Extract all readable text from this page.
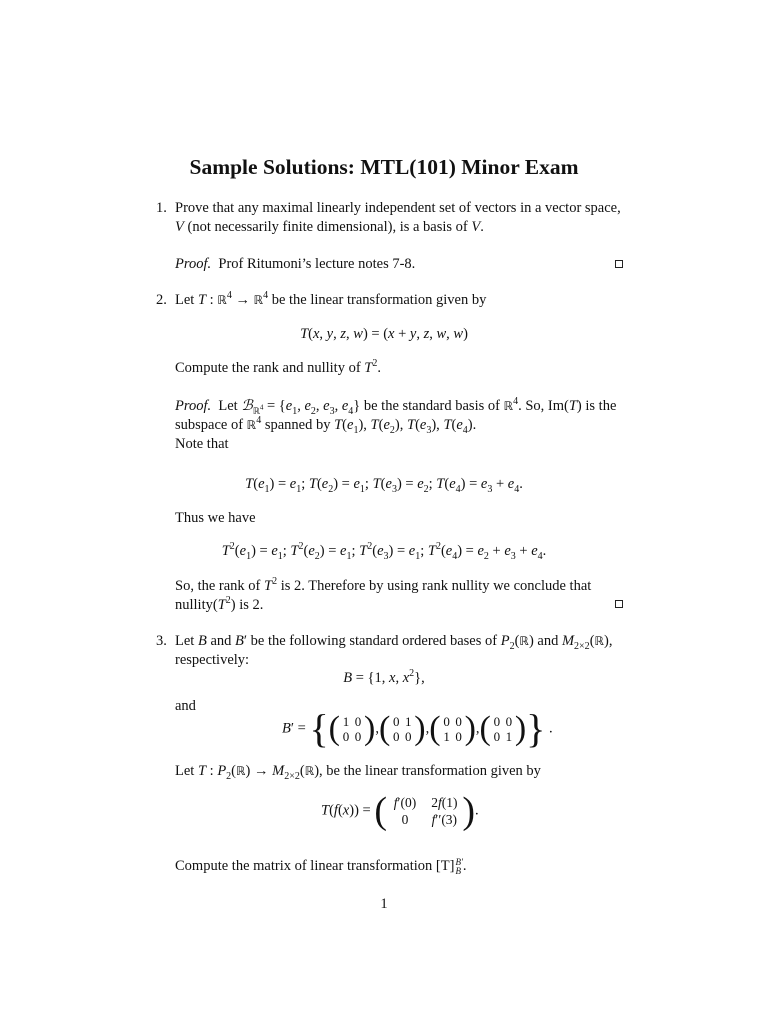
Sample Solutions: MTL(101) Minor Exam
1. Prove that any maximal linearly independent set of vectors in a vector space,
V (not necessarily finite dimensional), is a basis of V.
Proof. Prof Ritumoni’s lecture notes 7-8.
2. Let T : ℝ$^4$ → ℝ$^4$ be the linear transformation given by
T(x, y, z, w) = (x + y, z, w, w)
Compute the rank and nullity of $T^2$.
Proof.  Let ℬ$_{ℝ^4}$ = {$e_1$, $e_2$, $e_3$, $e_4$} be the standard basis of ℝ$^4$. So, Im(T) is the
subspace of ℝ$^4$ spanned by $T(e_1)$, $T(e_2)$, $T(e_3)$, $T(e_4)$.
Note that
$T(e_1) = e_1$; $T(e_2) = e_1$; $T(e_3) = e_2$; $T(e_4) = e_3 + e_4$.
Thus we have
$T^2(e_1) = e_1$; $T^2(e_2) = e_1$; $T^2(e_3) = e_1$; $T^2(e_4) = e_2 + e_3 + e_4$.
So, the rank of $T^2$ is 2. Therefore by using rank nullity we conclude that
$nullity(T^2)$ is 2.
3. Let B and B′ be the following standard ordered bases of $P_2(ℝ)$ and $M_{2\times 2}(ℝ)$,
respectively:
B = {1, x, $x^2$},
and
B′ = {( 1 0
0 0 ),( 0 1
0 0 ),( 0 0
1 0 ),( 0 0
0 1 )} .
Let T : $P_2(ℝ)$ → $M_{2\times 2}(ℝ)$, be the linear transformation given by
T(f(x)) = ( f′(0) 2f(1)
0 f′′(3) ).
Compute the matrix of linear transformation [T] B′
B .
1
